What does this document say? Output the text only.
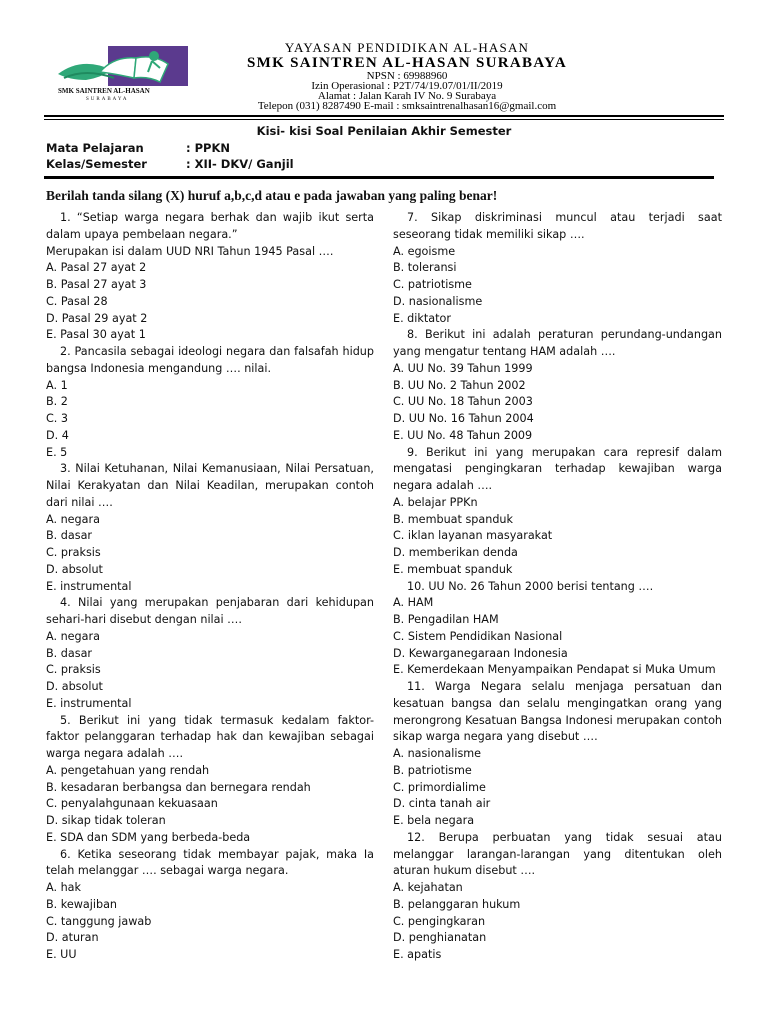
SMK SAINTREN AL-HASAN
SURABAYA
YAYASAN PENDIDIKAN AL-HASAN
SMK SAINTREN AL-HASAN SURABAYA
NPSN : 69988960
Izin Operasional : P2T/74/19.07/01/II/2019
Alamat : Jalan Karah IV No. 9 Surabaya
Telepon (031) 8287490 E-mail : smksaintrenalhasan16@gmail.com
Kisi- kisi Soal Penilaian Akhir Semester
Mata Pelajaran	: PPKN
Kelas/Semester	: XII- DKV/ Ganjil
Berilah tanda silang (X) huruf a,b,c,d atau e pada jawaban yang paling benar!
1. “Setiap warga negara berhak dan wajib ikut serta dalam upaya pembelaan negara.”
Merupakan isi dalam UUD NRI Tahun 1945 Pasal ….
A. Pasal 27 ayat 2
B. Pasal 27 ayat 3
C. Pasal 28
D. Pasal 29 ayat 2
E. Pasal 30 ayat 1
2. Pancasila sebagai ideologi negara dan falsafah hidup bangsa Indonesia mengandung …. nilai.
A. 1
B. 2
C. 3
D. 4
E. 5
3. Nilai Ketuhanan, Nilai Kemanusiaan, Nilai Persatuan, Nilai Kerakyatan dan Nilai Keadilan, merupakan contoh dari nilai ….
A. negara
B. dasar
C. praksis
D. absolut
E. instrumental
4. Nilai yang merupakan penjabaran dari kehidupan sehari-hari disebut dengan nilai ….
A. negara
B. dasar
C. praksis
D. absolut
E. instrumental
5. Berikut ini yang tidak termasuk kedalam faktor-faktor pelanggaran terhadap hak dan kewajiban sebagai warga negara adalah ….
A. pengetahuan yang rendah
B. kesadaran berbangsa dan bernegara rendah
C. penyalahgunaan kekuasaan
D. sikap tidak toleran
E. SDA dan SDM yang berbeda-beda
6. Ketika seseorang tidak membayar pajak, maka Ia telah melanggar …. sebagai warga negara.
A. hak
B. kewajiban
C. tanggung jawab
D. aturan
E. UU
7. Sikap diskriminasi muncul atau terjadi saat seseorang tidak memiliki sikap ….
A. egoisme
B. toleransi
C. patriotisme
D. nasionalisme
E. diktator
8. Berikut ini adalah peraturan perundang-undangan yang mengatur tentang HAM adalah ….
A. UU No. 39 Tahun 1999
B. UU No. 2 Tahun 2002
C. UU No. 18 Tahun 2003
D. UU No. 16 Tahun 2004
E. UU No. 48 Tahun 2009
9. Berikut ini yang merupakan cara represif dalam mengatasi pengingkaran terhadap kewajiban warga negara adalah ….
A. belajar PPKn
B. membuat spanduk
C. iklan layanan masyarakat
D. memberikan denda
E. membuat spanduk
10. UU No. 26 Tahun 2000 berisi tentang ….
A. HAM
B. Pengadilan HAM
C. Sistem Pendidikan Nasional
D. Kewarganegaraan Indonesia
E. Kemerdekaan Menyampaikan Pendapat si Muka Umum
11. Warga Negara selalu menjaga persatuan dan kesatuan bangsa dan selalu mengingatkan orang yang merongrong Kesatuan Bangsa Indonesi merupakan contoh sikap warga negara yang disebut ….
A. nasionalisme
B. patriotisme
C. primordialime
D. cinta tanah air
E. bela negara
12. Berupa perbuatan yang tidak sesuai atau melanggar larangan-larangan yang ditentukan oleh aturan hukum disebut ….
A. kejahatan
B. pelanggaran hukum
C. pengingkaran
D. penghianatan
E. apatis
